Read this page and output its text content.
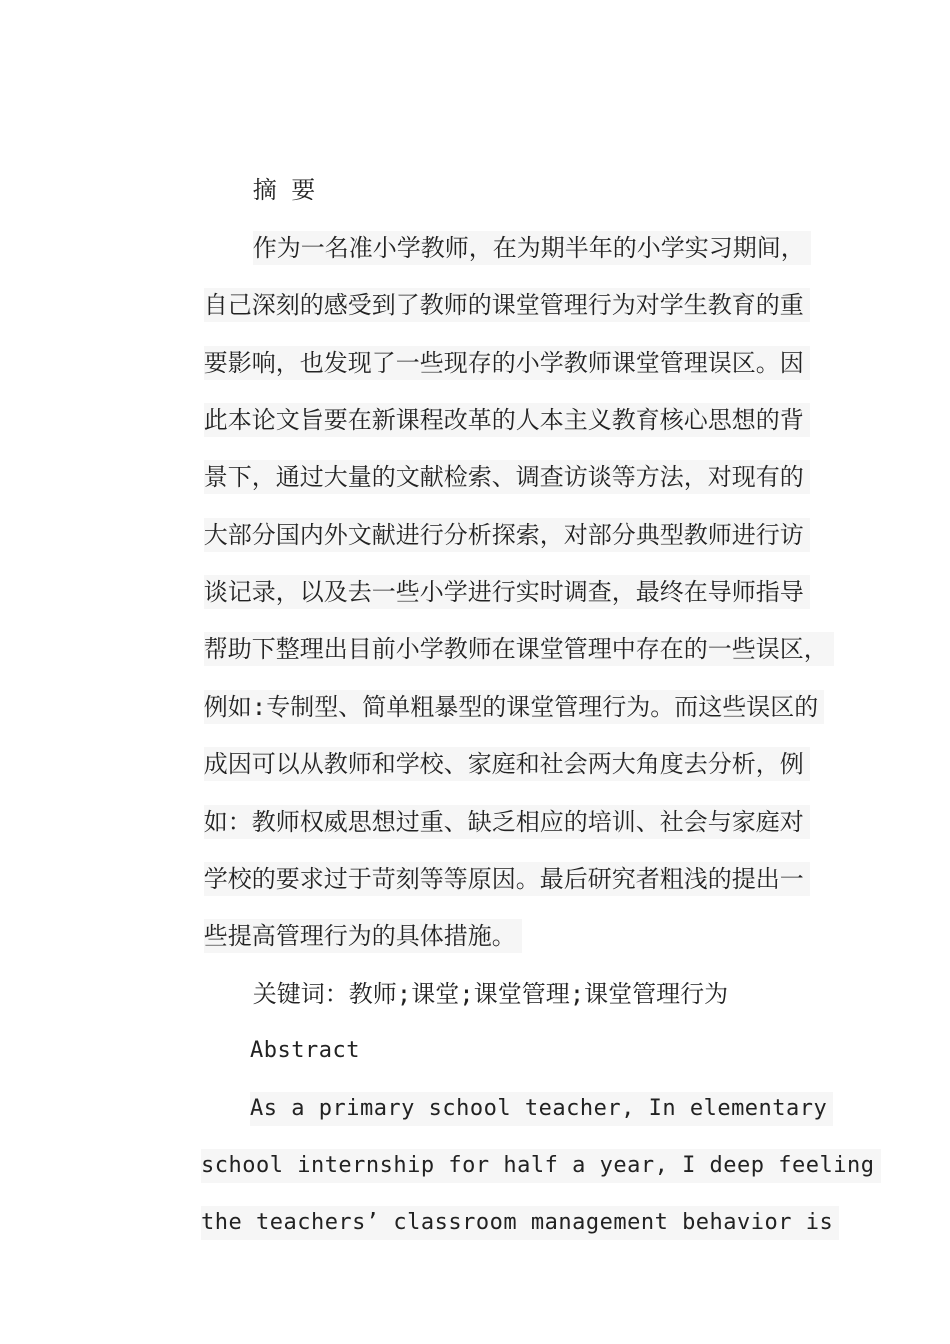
摘 要

作为一名准小学教师，在为期半年的小学实习期间，

自己深刻的感受到了教师的课堂管理行为对学生教育的重

要影响，也发现了一些现存的小学教师课堂管理误区。因

此本论文旨要在新课程改革的人本主义教育核心思想的背

景下，通过大量的文献检索、调查访谈等方法，对现有的

大部分国内外文献进行分析探索，对部分典型教师进行访

谈记录，以及去一些小学进行实时调查，最终在导师指导

帮助下整理出目前小学教师在课堂管理中存在的一些误区，

例如:专制型、简单粗暴型的课堂管理行为。而这些误区的

成因可以从教师和学校、家庭和社会两大角度去分析，例

如：教师权威思想过重、缺乏相应的培训、社会与家庭对

学校的要求过于苛刻等等原因。最后研究者粗浅的提出一

些提高管理行为的具体措施。

关键词：教师;课堂;课堂管理;课堂管理行为

Abstract

As a primary school teacher, In elementary

school internship for half a year, I deep feeling

the teachers’ classroom management behavior is
